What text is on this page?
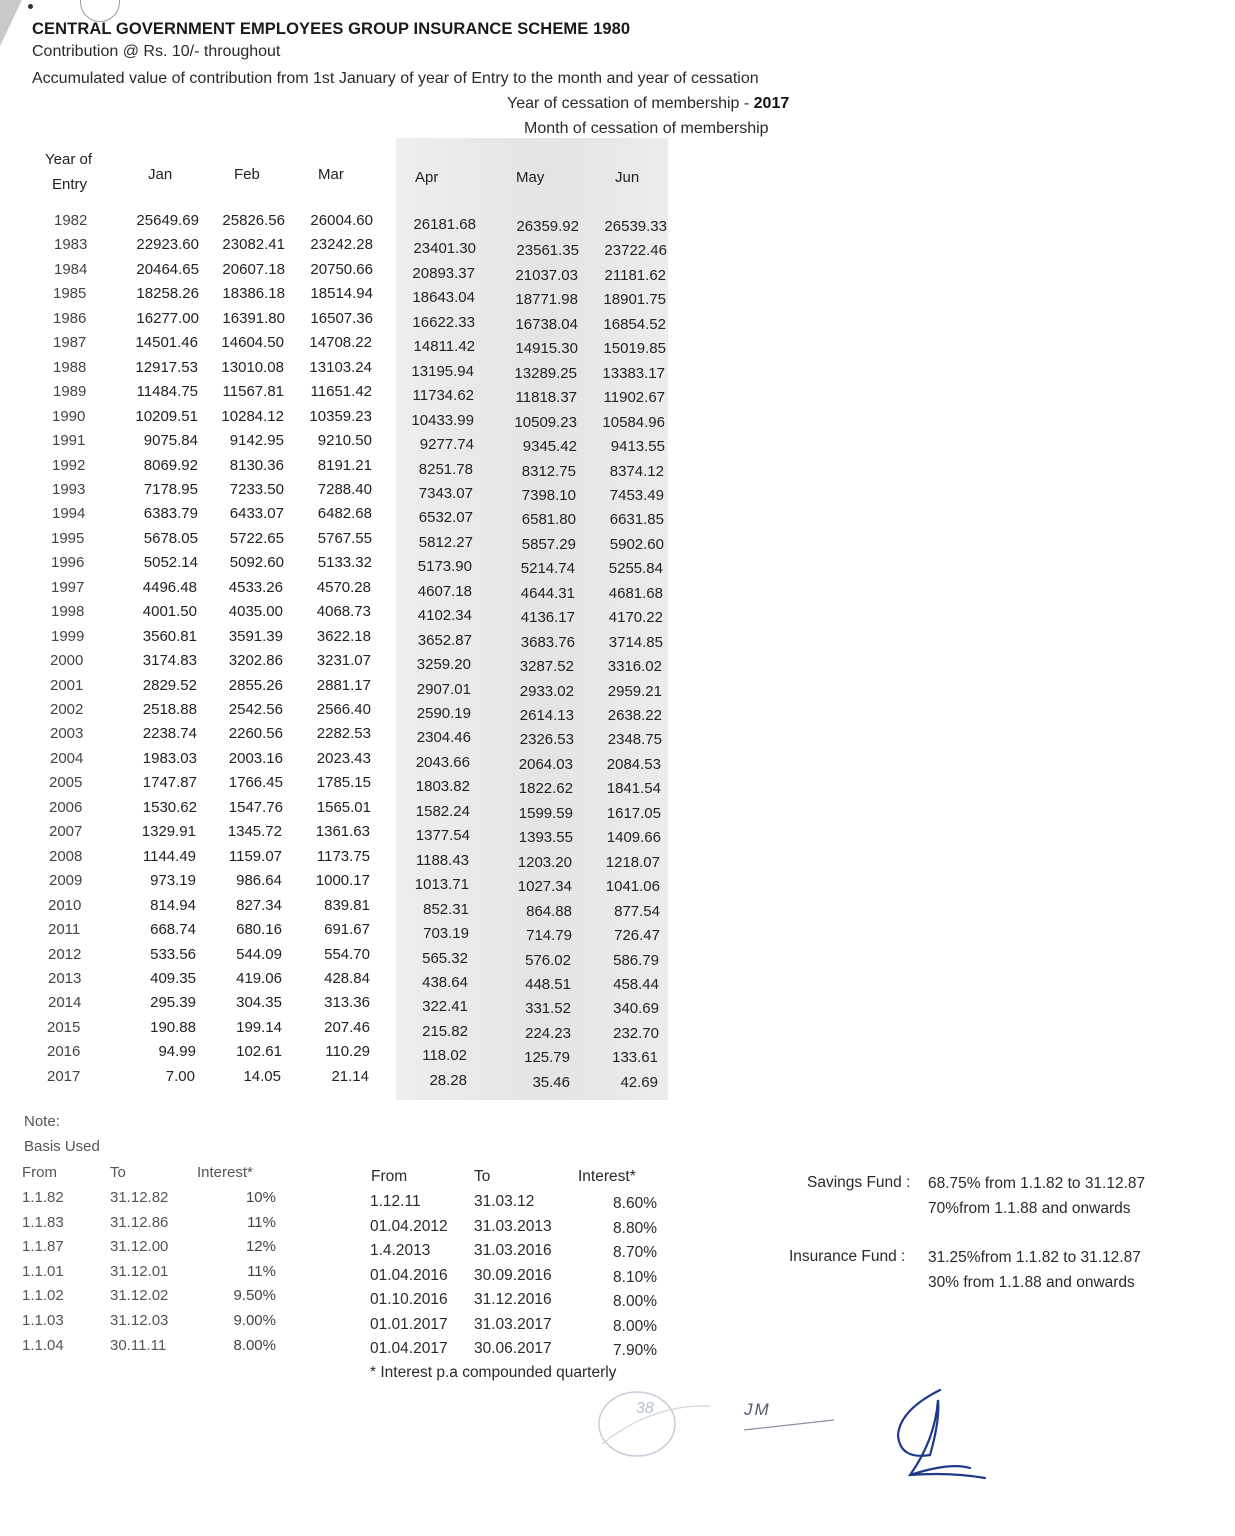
CENTRAL GOVERNMENT EMPLOYEES GROUP INSURANCE SCHEME 1980
Contribution @ Rs. 10/- throughout
Accumulated value of contribution from 1st January of year of Entry to the month and year of cessation
Year of cessation of membership - 2017
Month of cessation of membership
Year of
Entry
Jan	Feb	Mar	Apr	May	Jun
1982	25649.69	25826.56	26004.60	26181.68	26359.92	26539.33
1983	22923.60	23082.41	23242.28	23401.30	23561.35	23722.46
1984	20464.65	20607.18	20750.66	20893.37	21037.03	21181.62
1985	18258.26	18386.18	18514.94	18643.04	18771.98	18901.75
1986	16277.00	16391.80	16507.36	16622.33	16738.04	16854.52
1987	14501.46	14604.50	14708.22	14811.42	14915.30	15019.85
1988	12917.53	13010.08	13103.24	13195.94	13289.25	13383.17
1989	11484.75	11567.81	11651.42	11734.62	11818.37	11902.67
1990	10209.51	10284.12	10359.23	10433.99	10509.23	10584.96
1991	9075.84	9142.95	9210.50	9277.74	9345.42	9413.55
1992	8069.92	8130.36	8191.21	8251.78	8312.75	8374.12
1993	7178.95	7233.50	7288.40	7343.07	7398.10	7453.49
1994	6383.79	6433.07	6482.68	6532.07	6581.80	6631.85
1995	5678.05	5722.65	5767.55	5812.27	5857.29	5902.60
1996	5052.14	5092.60	5133.32	5173.90	5214.74	5255.84
1997	4496.48	4533.26	4570.28	4607.18	4644.31	4681.68
1998	4001.50	4035.00	4068.73	4102.34	4136.17	4170.22
1999	3560.81	3591.39	3622.18	3652.87	3683.76	3714.85
2000	3174.83	3202.86	3231.07	3259.20	3287.52	3316.02
2001	2829.52	2855.26	2881.17	2907.01	2933.02	2959.21
2002	2518.88	2542.56	2566.40	2590.19	2614.13	2638.22
2003	2238.74	2260.56	2282.53	2304.46	2326.53	2348.75
2004	1983.03	2003.16	2023.43	2043.66	2064.03	2084.53
2005	1747.87	1766.45	1785.15	1803.82	1822.62	1841.54
2006	1530.62	1547.76	1565.01	1582.24	1599.59	1617.05
2007	1329.91	1345.72	1361.63	1377.54	1393.55	1409.66
2008	1144.49	1159.07	1173.75	1188.43	1203.20	1218.07
2009	973.19	986.64	1000.17	1013.71	1027.34	1041.06
2010	814.94	827.34	839.81	852.31	864.88	877.54
2011	668.74	680.16	691.67	703.19	714.79	726.47
2012	533.56	544.09	554.70	565.32	576.02	586.79
2013	409.35	419.06	428.84	438.64	448.51	458.44
2014	295.39	304.35	313.36	322.41	331.52	340.69
2015	190.88	199.14	207.46	215.82	224.23	232.70
2016	94.99	102.61	110.29	118.02	125.79	133.61
2017	7.00	14.05	21.14	28.28	35.46	42.69
Note:
Basis Used
From	To	Interest*
1.1.82	31.12.82	10%
1.1.83	31.12.86	11%
1.1.87	31.12.00	12%
1.1.01	31.12.01	11%
1.1.02	31.12.02	9.50%
1.1.03	31.12.03	9.00%
1.1.04	30.11.11	8.00%
From	To	Interest*
1.12.11	31.03.12	8.60%
01.04.2012 31.03.2013	8.80%
1.4.2013	31.03.2016	8.70%
01.04.2016 30.09.2016	8.10%
01.10.2016 31.12.2016	8.00%
01.01.2017 31.03.2017	8.00%
01.04.2017 30.06.2017	7.90%
* Interest p.a compounded quarterly
Savings Fund : 68.75% from 1.1.82 to 31.12.87
70%from 1.1.88 and onwards
Insurance Fund : 31.25%from 1.1.82 to 31.12.87
30% from 1.1.88 and onwards
38	JM
